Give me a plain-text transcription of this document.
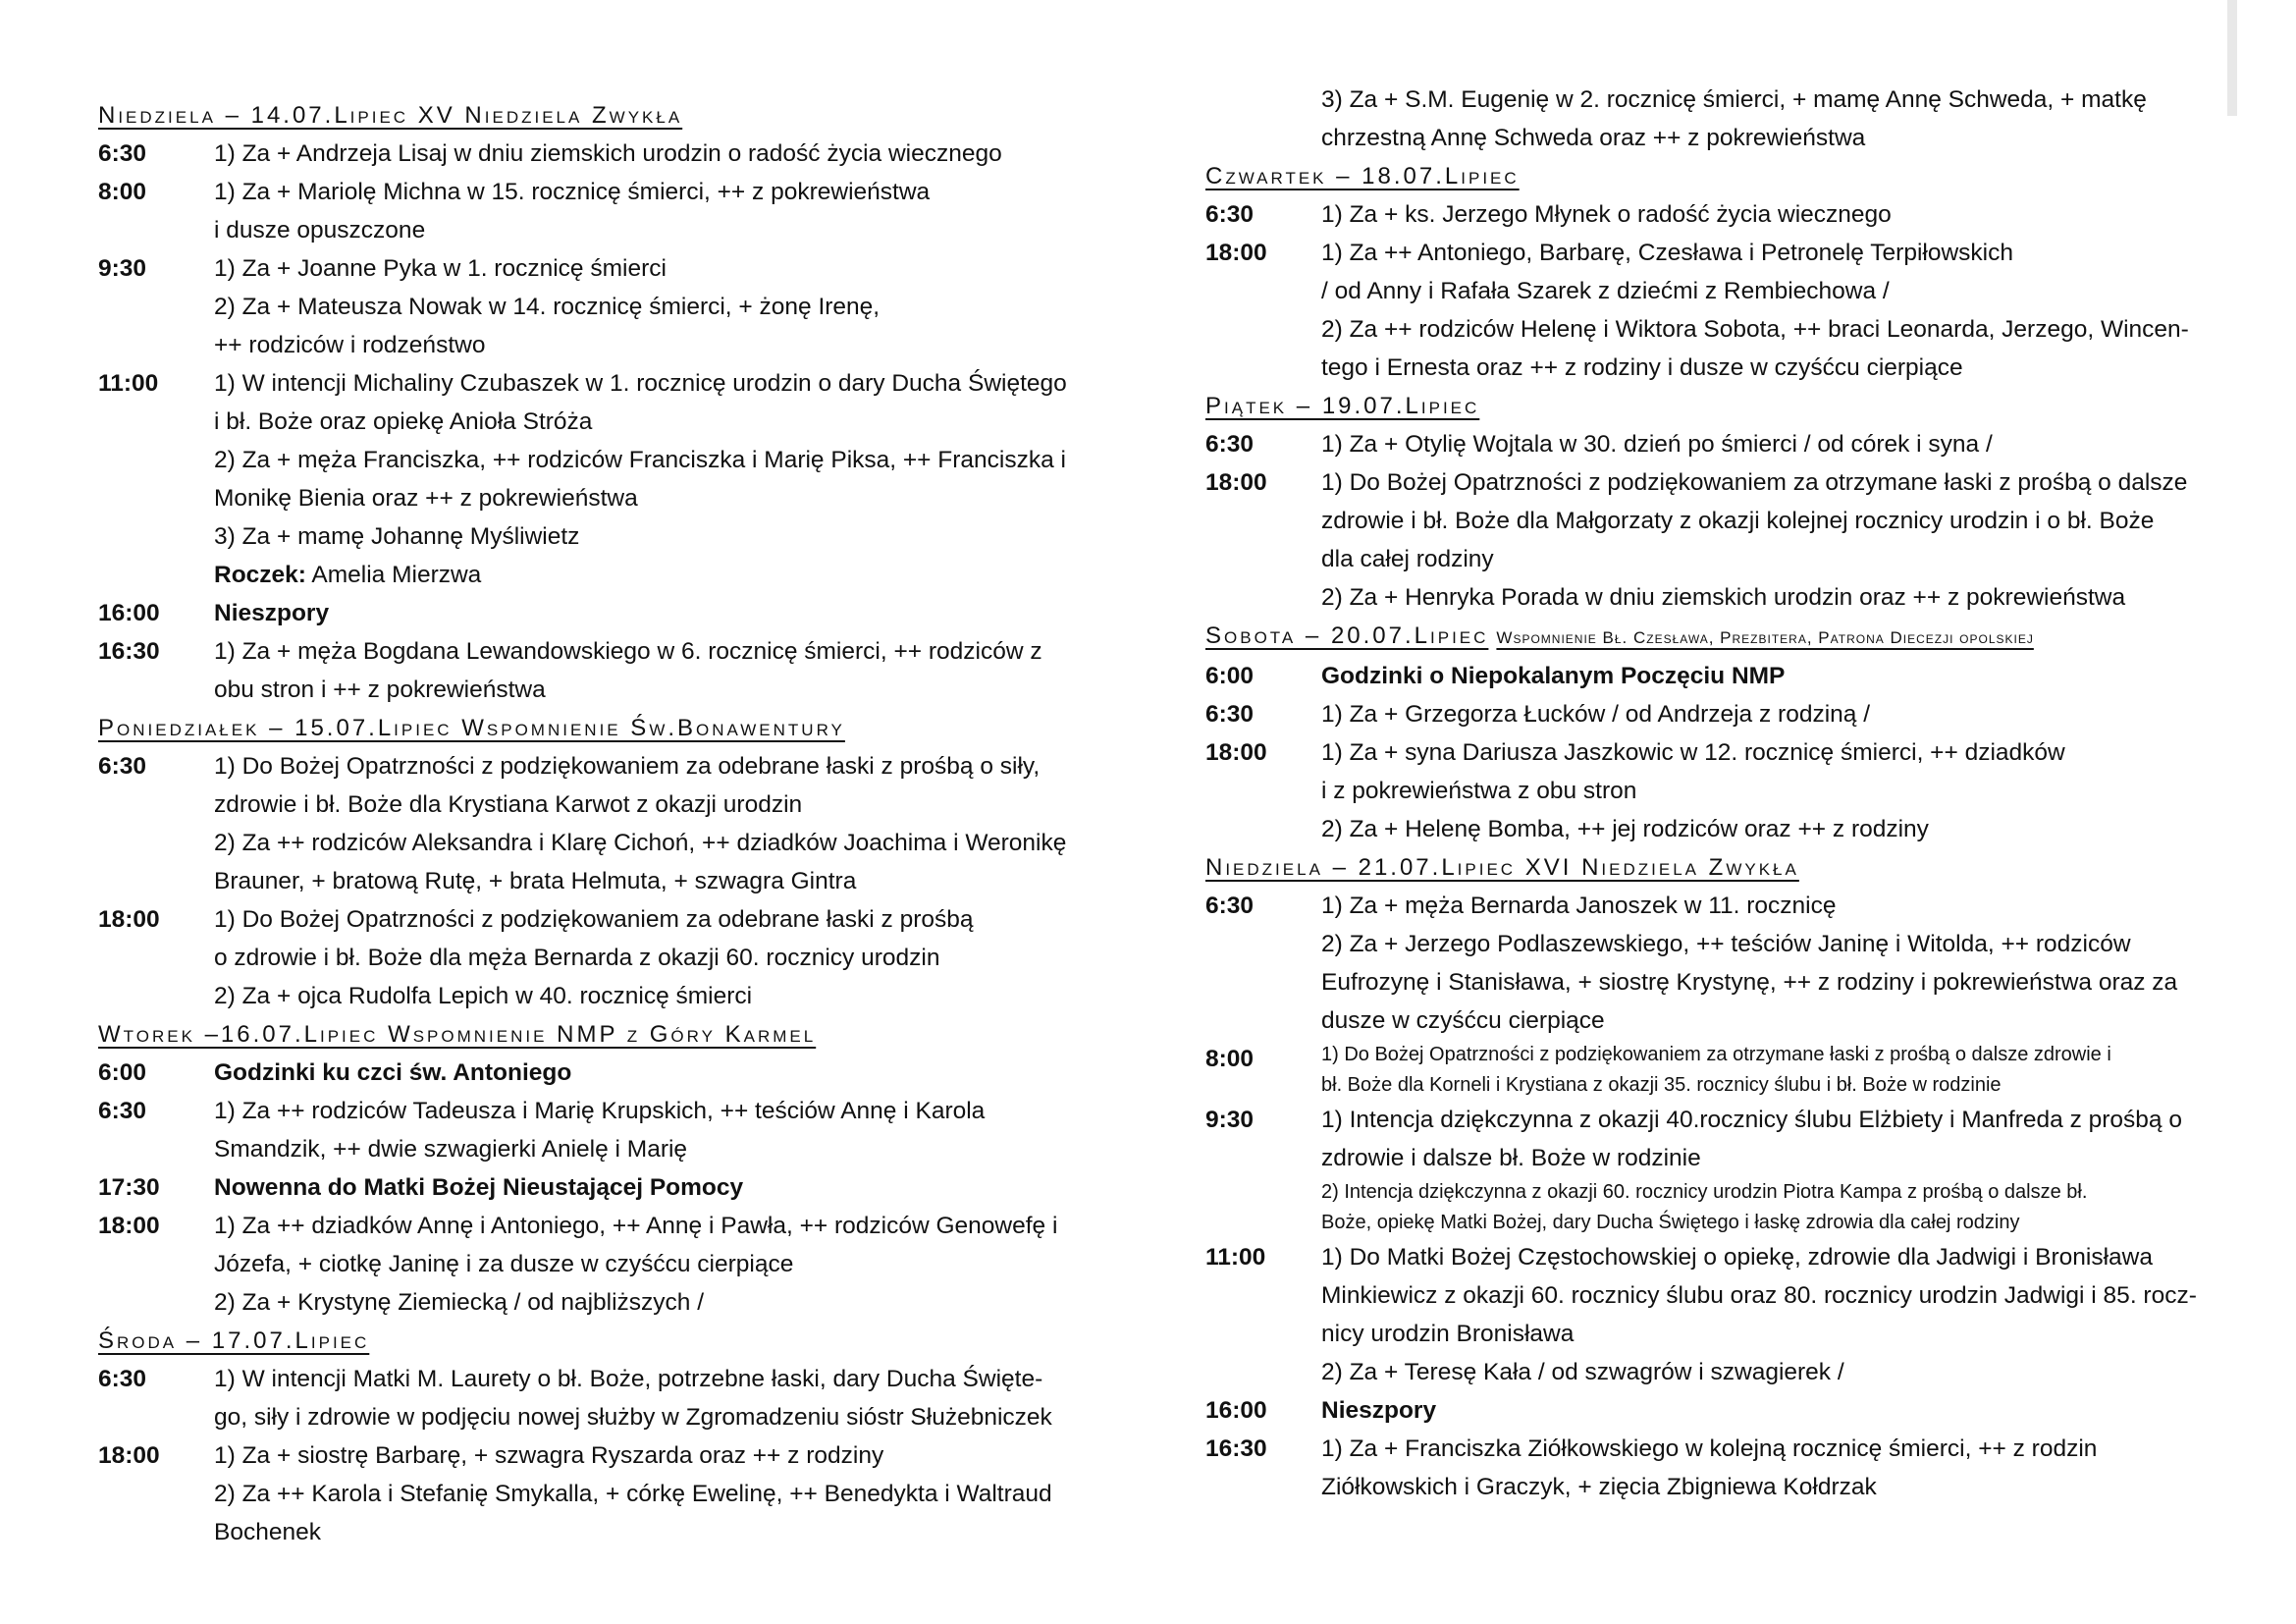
Niedziela – 14.07.Lipiec XV Niedziela Zwykła
6:30	1) Za + Andrzeja Lisaj w dniu ziemskich urodzin o radość życia wiecznego
8:00	1) Za + Mariolę Michna w 15. rocznicę śmierci, ++ z pokrewieństwa
i dusze opuszczone
9:30	1) Za + Joanne Pyka w 1. rocznicę śmierci
2) Za + Mateusza Nowak w 14. rocznicę śmierci, + żonę Irenę,
++ rodziców i rodzeństwo
11:00	1) W intencji Michaliny Czubaszek w 1. rocznicę urodzin o dary Ducha Świętego
i bł. Boże oraz opiekę Anioła Stróża
2) Za + męża Franciszka, ++ rodziców Franciszka i Marię Piksa, ++ Franciszka i
Monikę Bienia oraz ++ z pokrewieństwa
3) Za + mamę Johannę Myśliwietz
Roczek: Amelia Mierzwa
16:00	Nieszpory
16:30	1) Za + męża Bogdana Lewandowskiego w 6. rocznicę śmierci, ++ rodziców z
obu stron i ++ z pokrewieństwa
Poniedziałek – 15.07.Lipiec Wspomnienie Św.Bonawentury
6:30	1) Do Bożej Opatrzności z podziękowaniem za odebrane łaski z prośbą o siły,
zdrowie i bł. Boże dla Krystiana Karwot z okazji urodzin
2) Za ++ rodziców Aleksandra i Klarę Cichoń, ++ dziadków Joachima i Weronikę
Brauner, + bratową Rutę, + brata Helmuta, + szwagra Gintra
18:00	1) Do Bożej Opatrzności z podziękowaniem za odebrane łaski z prośbą
o zdrowie i bł. Boże dla męża Bernarda z okazji 60. rocznicy urodzin
2) Za + ojca Rudolfa Lepich w 40. rocznicę śmierci
Wtorek –16.07.Lipiec Wspomnienie NMP z Góry Karmel
6:00	Godzinki ku czci św. Antoniego
6:30	1) Za ++ rodziców Tadeusza i Marię Krupskich, ++ teściów Annę i Karola
Smandzik, ++ dwie szwagierki Anielę i Marię
17:30	Nowenna do Matki Bożej Nieustającej Pomocy
18:00	1) Za ++ dziadków Annę i Antoniego, ++ Annę i Pawła, ++ rodziców Genowefę i
Józefa, + ciotkę Janinę i za dusze w czyśćcu cierpiące
2) Za + Krystynę Ziemiecką / od najbliższych /
Środa – 17.07.Lipiec
6:30	1) W intencji Matki M. Laurety o bł. Boże, potrzebne łaski, dary Ducha Święte-
go, siły i zdrowie w podjęciu nowej służby w Zgromadzeniu sióstr Służebniczek
18:00	1) Za + siostrę Barbarę, + szwagra Ryszarda oraz ++ z rodziny
2) Za ++ Karola i Stefanię Smykalla, + córkę Ewelinę, ++ Benedykta i Waltraud
Bochenek
3) Za + S.M. Eugenię w 2. rocznicę śmierci, + mamę Annę Schweda, + matkę
chrzestną Annę Schweda oraz ++ z pokrewieństwa
Czwartek – 18.07.Lipiec
6:30	1) Za + ks. Jerzego Młynek o radość życia wiecznego
18:00	1) Za ++ Antoniego, Barbarę, Czesława i Petronelę Terpiłowskich
/ od Anny i Rafała Szarek z dziećmi z Rembiechowa /
2) Za ++ rodziców Helenę i Wiktora Sobota, ++ braci Leonarda, Jerzego, Wincen-
tego i Ernesta oraz ++ z rodziny i dusze w czyśćcu cierpiące
Piątek – 19.07.Lipiec
6:30	1) Za + Otylię Wojtala w 30. dzień po śmierci / od córek i syna /
18:00	1) Do Bożej Opatrzności z podziękowaniem za otrzymane łaski z prośbą o dalsze
zdrowie i bł. Boże dla Małgorzaty z okazji kolejnej rocznicy urodzin i o bł. Boże
dla całej rodziny
2) Za + Henryka Porada w dniu ziemskich urodzin oraz ++ z pokrewieństwa
Sobota – 20.07.Lipiec Wspomnienie Bł. Czesława, Prezbitera, Patrona Diecezji opolskiej
6:00	Godzinki o Niepokalanym Poczęciu NMP
6:30	1) Za + Grzegorza Łucków / od Andrzeja z rodziną /
18:00	1) Za + syna Dariusza Jaszkowic w 12. rocznicę śmierci, ++ dziadków
i z pokrewieństwa z obu stron
2) Za + Helenę Bomba, ++ jej rodziców oraz ++ z rodziny
Niedziela – 21.07.Lipiec XVI Niedziela Zwykła
6:30	1) Za + męża Bernarda Janoszek w 11. rocznicę
2) Za + Jerzego Podlaszewskiego, ++ teściów Janinę i Witolda, ++ rodziców
Eufrozynę i Stanisława, + siostrę Krystynę, ++ z rodziny i pokrewieństwa oraz za
dusze w czyśćcu cierpiące
8:00	1) Do Bożej Opatrzności z podziękowaniem za otrzymane łaski z prośbą o dalsze zdrowie i
bł. Boże dla Korneli i Krystiana z okazji 35. rocznicy ślubu i bł. Boże w rodzinie
9:30	1) Intencja dziękczynna z okazji 40.rocznicy ślubu Elżbiety i Manfreda z prośbą o
zdrowie i dalsze bł. Boże w rodzinie
2) Intencja dziękczynna z okazji 60. rocznicy urodzin Piotra Kampa z prośbą o dalsze bł.
Boże, opiekę Matki Bożej, dary Ducha Świętego i łaskę zdrowia dla całej rodziny
11:00	1) Do Matki Bożej Częstochowskiej o opiekę, zdrowie dla Jadwigi i Bronisława
Minkiewicz z okazji 60. rocznicy ślubu oraz 80. rocznicy urodzin Jadwigi i 85. rocz-
nicy urodzin Bronisława
2) Za + Teresę Kała / od szwagrów i szwagierek /
16:00	Nieszpory
16:30	1) Za + Franciszka Ziółkowskiego w kolejną rocznicę śmierci, ++ z rodzin
Ziółkowskich i Graczyk, + zięcia Zbigniewa Kołdrzak
